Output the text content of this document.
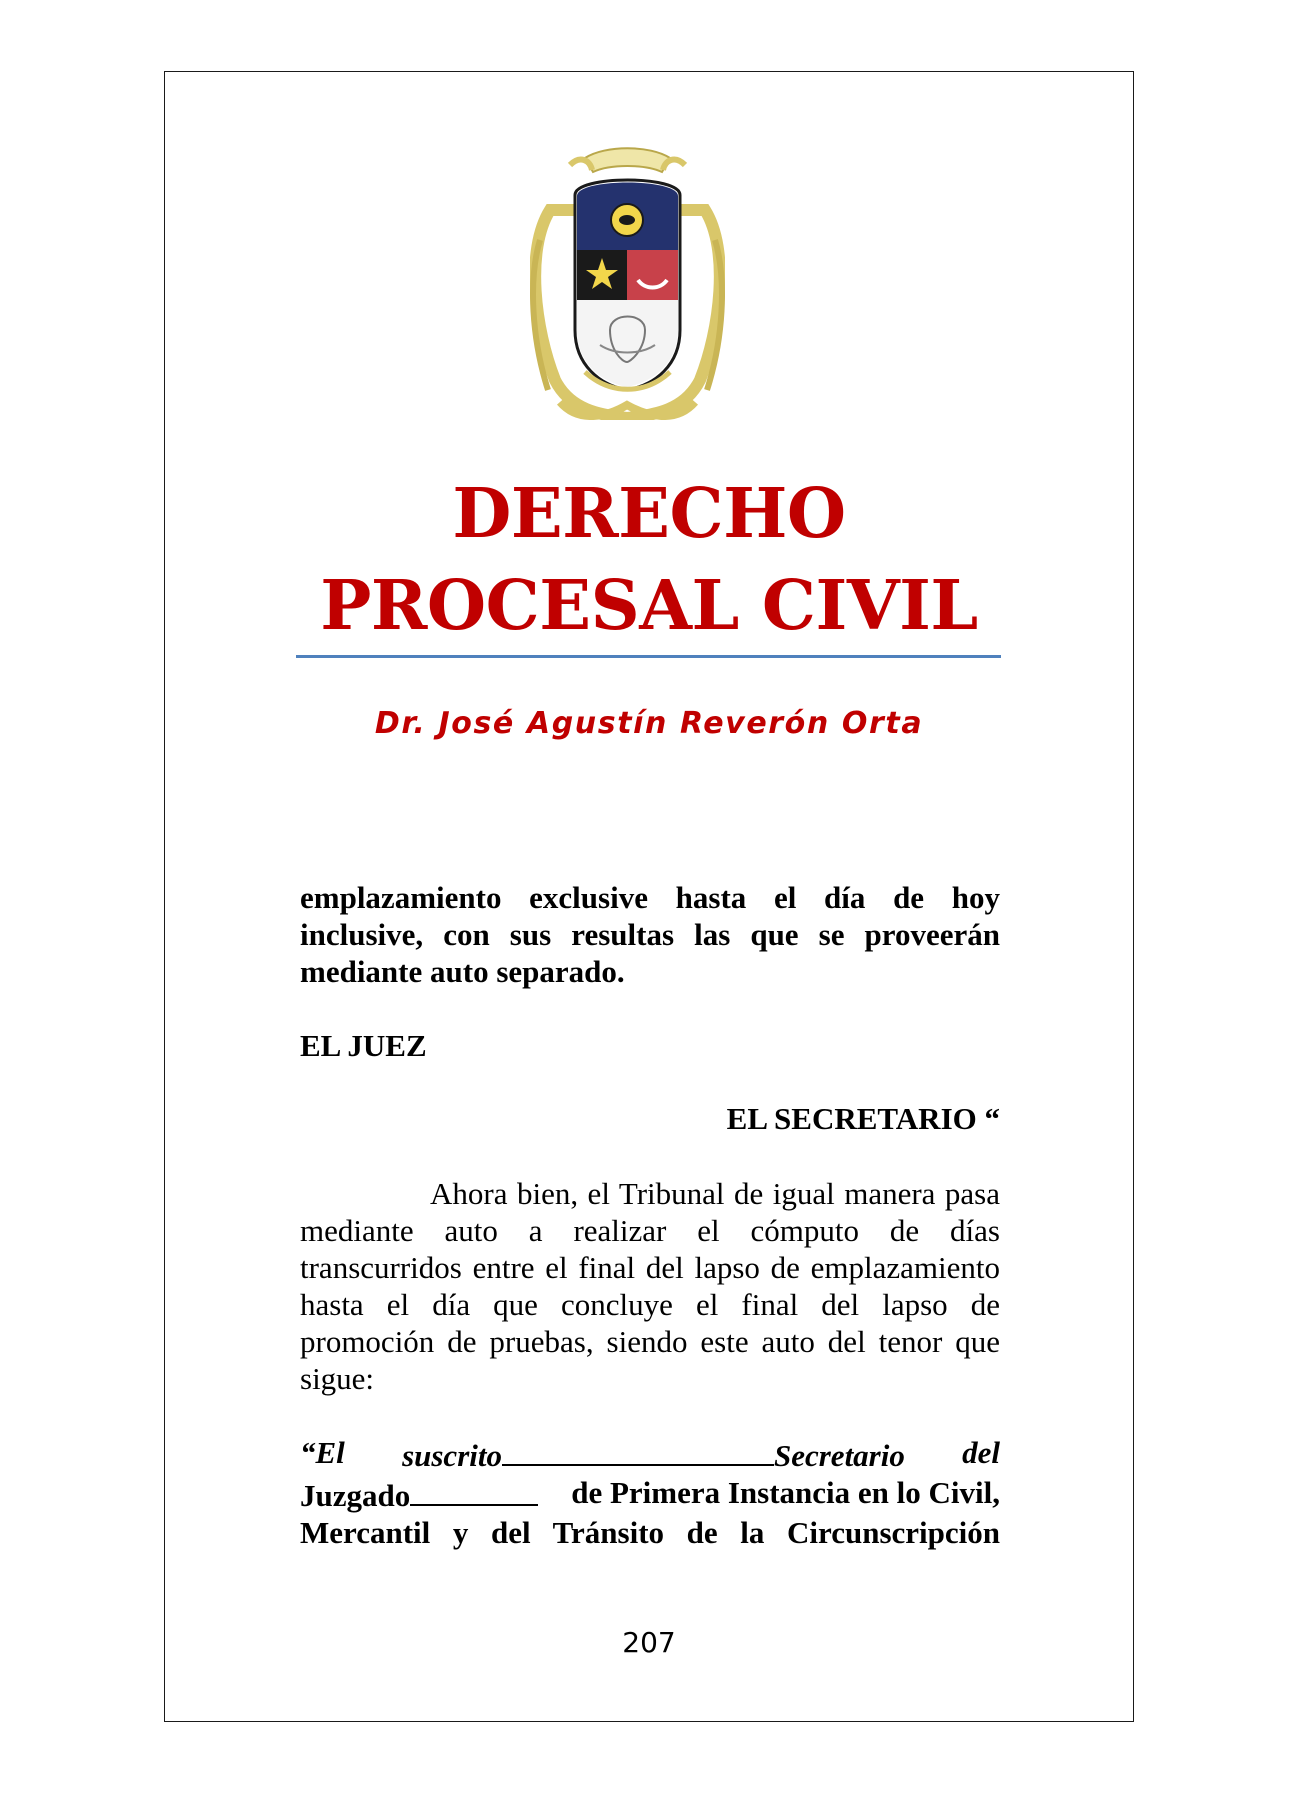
DERECHO
PROCESAL CIVIL
Dr. José Agustín Reverón Orta

emplazamiento exclusive hasta el día de hoy inclusive, con sus resultas las que se proveerán mediante auto separado.

EL JUEZ

EL SECRETARIO “

Ahora bien, el Tribunal de igual manera pasa mediante auto a realizar el cómputo de días transcurridos entre el final del lapso de emplazamiento hasta el día que concluye el final del lapso de promoción de pruebas, siendo este auto del tenor que sigue:

“El suscrito	Secretario del
Juzgado	de Primera Instancia en lo Civil,
Mercantil y del Tránsito de la Circunscripción
207
